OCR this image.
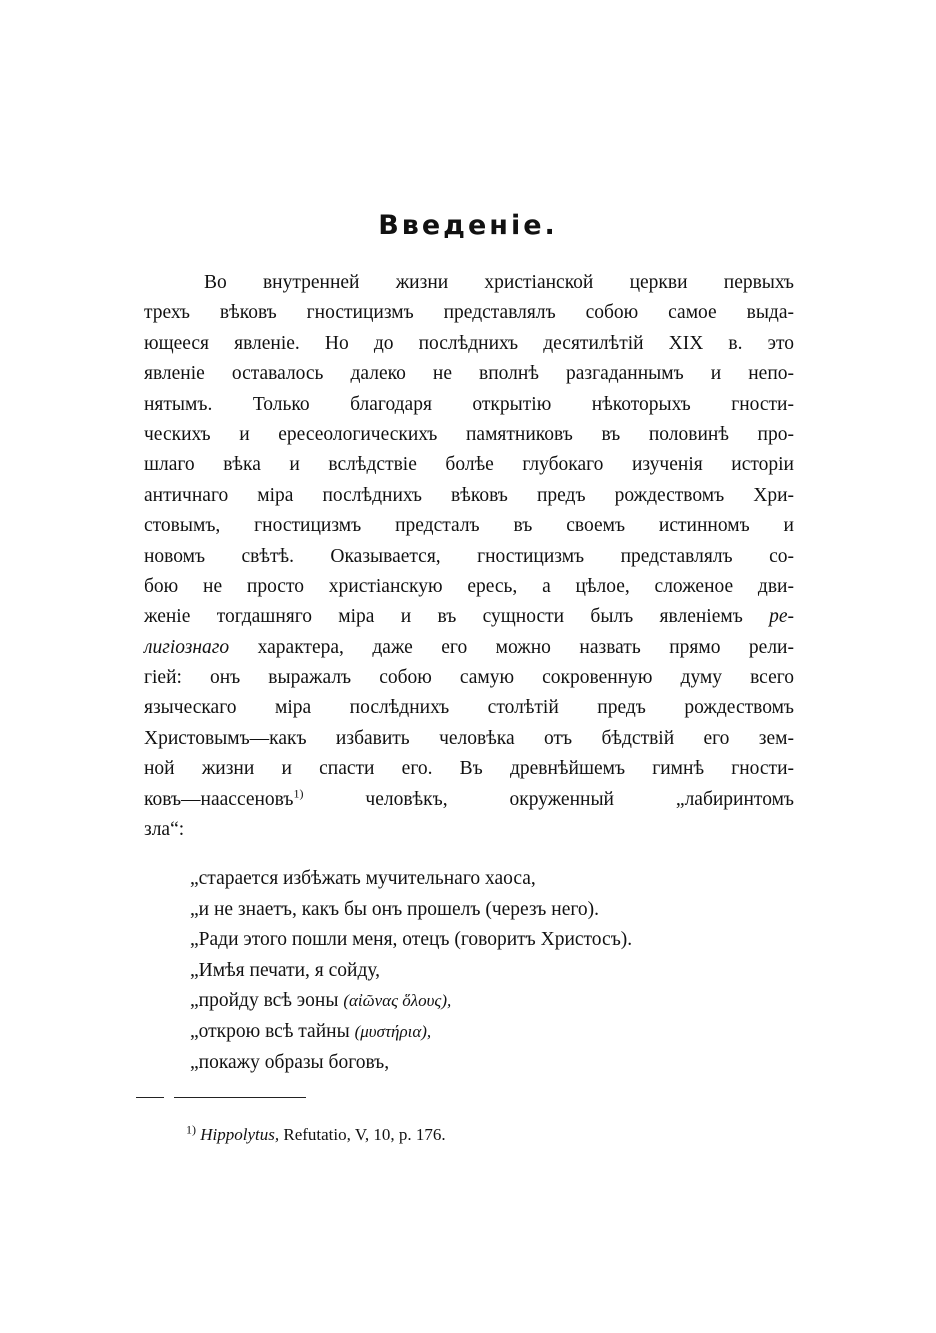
Введеніе.
Во внутренней жизни христіанской церкви первыхъ
трехъ вѣковъ гностицизмъ представлялъ собою самое выда-
ющееся явленіе. Но до послѣднихъ десятилѣтій XIX в. это
явленіе оставалось далеко не вполнѣ разгаданнымъ и непо-
нятымъ. Только благодаря открытію нѣкоторыхъ гности-
ческихъ и ересеологическихъ памятниковъ въ половинѣ про-
шлаго вѣка и вслѣдствіе болѣе глубокаго изученія исторіи
античнаго міра послѣднихъ вѣковъ предъ рождествомъ Хри-
стовымъ, гностицизмъ предсталъ въ своемъ истинномъ и
новомъ свѣтѣ. Оказывается, гностицизмъ представлялъ со-
бою не просто христіанскую ересь, а цѣлое, сложеное дви-
женіе тогдашняго міра и въ сущности былъ явленіемъ ре-
лигіознаго характера, даже его можно назвать прямо рели-
гіей: онъ выражалъ собою самую сокровенную думу всего
языческаго міра послѣднихъ столѣтій предъ рождествомъ
Христовымъ—какъ избавить человѣка отъ бѣдствій его зем-
ной жизни и спасти его. Въ древнѣйшемъ гимнѣ гности-
ковъ—наассеновъ$^{1)}$ человѣкъ, окруженный „лабиринтомъ
зла“:
„старается избѣжать мучительнаго хаоса,
„и не знаетъ, какъ бы онъ прошелъ (черезъ него).
„Ради этого пошли меня, отецъ (говоритъ Христосъ).
„Имѣя печати, я сойду,
„пройду всѣ эоны (αἰῶνας ὅλους),
„открою всѣ тайны (μυστήρια),
„покажу образы боговъ,

$^{1)}$ Hippolytus, Refutatio, V, 10, p. 176.
